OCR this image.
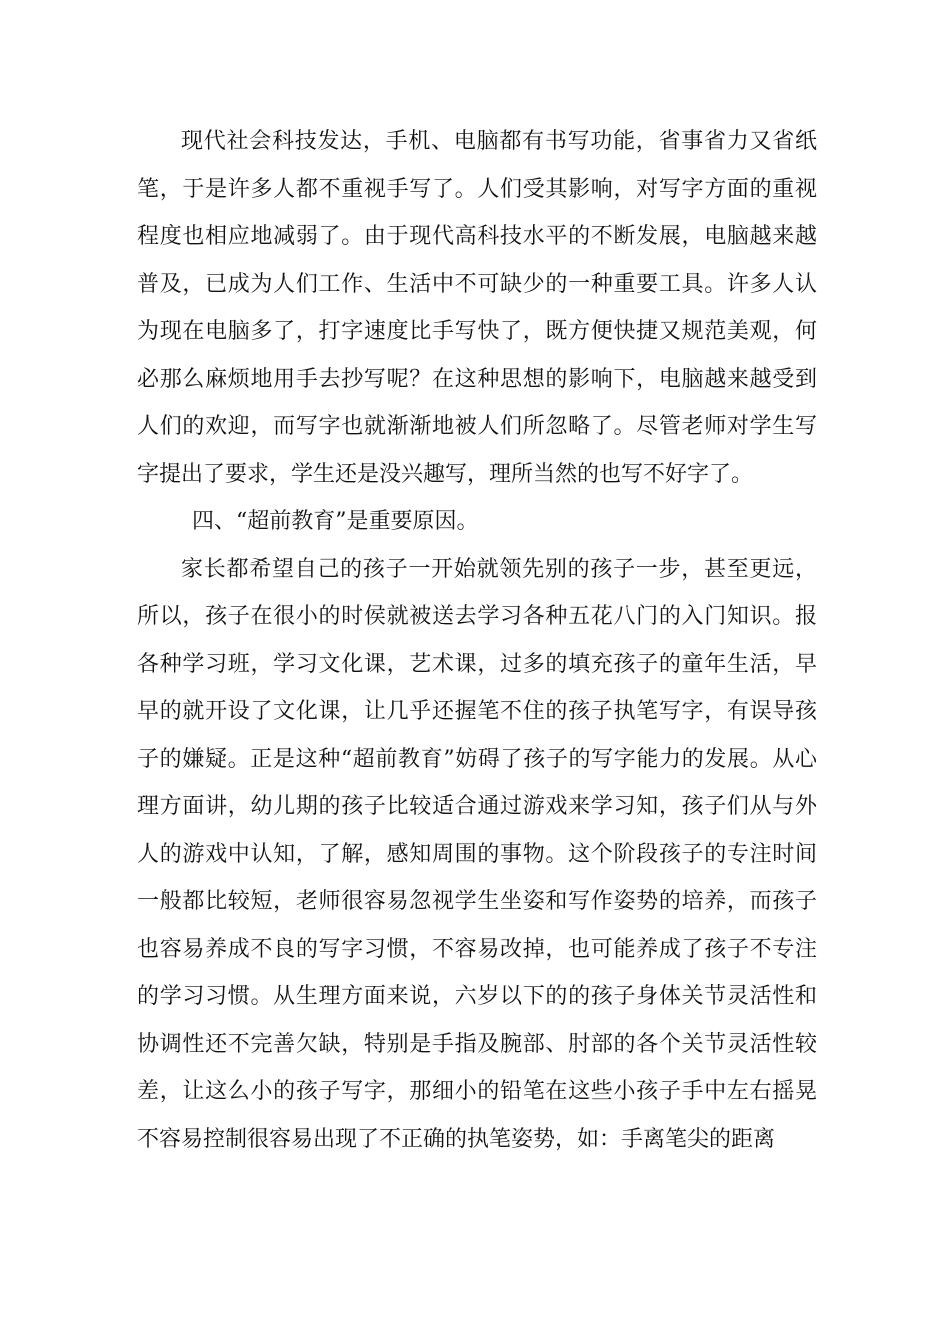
现代社会科技发达，手机、电脑都有书写功能，省事省力又省纸笔，于是许多人都不重视手写了。人们受其影响，对写字方面的重视程度也相应地减弱了。由于现代高科技水平的不断发展，电脑越来越普及，已成为人们工作、生活中不可缺少的一种重要工具。许多人认为现在电脑多了，打字速度比手写快了，既方便快捷又规范美观，何必那么麻烦地用手去抄写呢？在这种思想的影响下，电脑越来越受到人们的欢迎，而写字也就渐渐地被人们所忽略了。尽管老师对学生写字提出了要求，学生还是没兴趣写，理所当然的也写不好字了。

四、“超前教育”是重要原因。

家长都希望自己的孩子一开始就领先别的孩子一步，甚至更远，所以，孩子在很小的时侯就被送去学习各种五花八门的入门知识。报各种学习班，学习文化课，艺术课，过多的填充孩子的童年生活，早早的就开设了文化课，让几乎还握笔不住的孩子执笔写字，有误导孩子的嫌疑。正是这种“超前教育”妨碍了孩子的写字能力的发展。从心理方面讲，幼儿期的孩子比较适合通过游戏来学习知，孩子们从与外人的游戏中认知，了解，感知周围的事物。这个阶段孩子的专注时间一般都比较短，老师很容易忽视学生坐姿和写作姿势的培养，而孩子也容易养成不良的写字习惯，不容易改掉，也可能养成了孩子不专注的学习习惯。从生理方面来说，六岁以下的的孩子身体关节灵活性和协调性还不完善欠缺，特别是手指及腕部、肘部的各个关节灵活性较差，让这么小的孩子写字，那细小的铅笔在这些小孩子手中左右摇晃不容易控制很容易出现了不正确的执笔姿势，如：手离笔尖的距离
